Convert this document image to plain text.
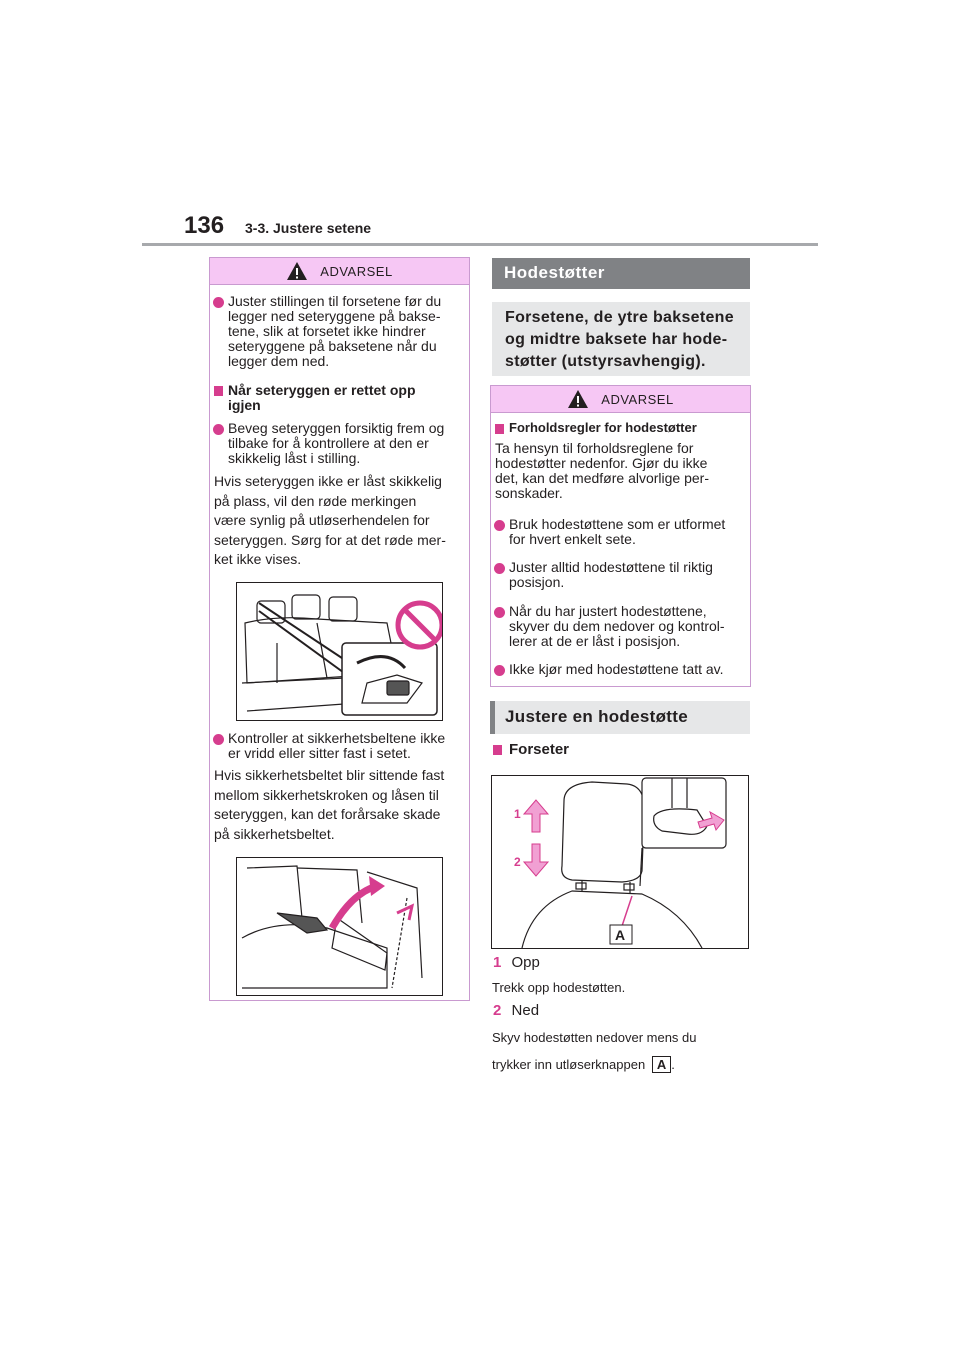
136 3-3. Justere setene
ADVARSEL
Juster stillingen til forsetene før du
legger ned seteryggene på bakse-
tene, slik at forsetet ikke hindrer
seteryggene på baksetene når du
legger dem ned.
Når seteryggen er rettet opp
igjen
Beveg seteryggen forsiktig frem og
tilbake for å kontrollere at den er
skikkelig låst i stilling.
Hvis seteryggen ikke er låst skikkelig
på plass, vil den røde merkingen
være synlig på utløserhendelen for
seteryggen. Sørg for at det røde mer-
ket ikke vises.
Kontroller at sikkerhetsbeltene ikke
er vridd eller sitter fast i setet.
Hvis sikkerhetsbeltet blir sittende fast
mellom sikkerhetskroken og låsen til
seteryggen, kan det forårsake skade
på sikkerhetsbeltet.
Hodestøtter
Forsetene, de ytre baksetene
og midtre baksete har hode-
støtter (utstyrsavhengig).
ADVARSEL
Forholdsregler for hodestøtter
Ta hensyn til forholdsreglene for
hodestøtter nedenfor. Gjør du ikke
det, kan det medføre alvorlige per-
sonskader.
Bruk hodestøttene som er utformet
for hvert enkelt sete.
Juster alltid hodestøttene til riktig
posisjon.
Når du har justert hodestøttene,
skyver du dem nedover og kontrol-
lerer at de er låst i posisjon.
Ikke kjør med hodestøttene tatt av.
Justere en hodestøtte
Forseter
1
2
A
1 Opp
Trekk opp hodestøtten.
2 Ned
Skyv hodestøtten nedover mens du
trykker inn utløserknappen A .
